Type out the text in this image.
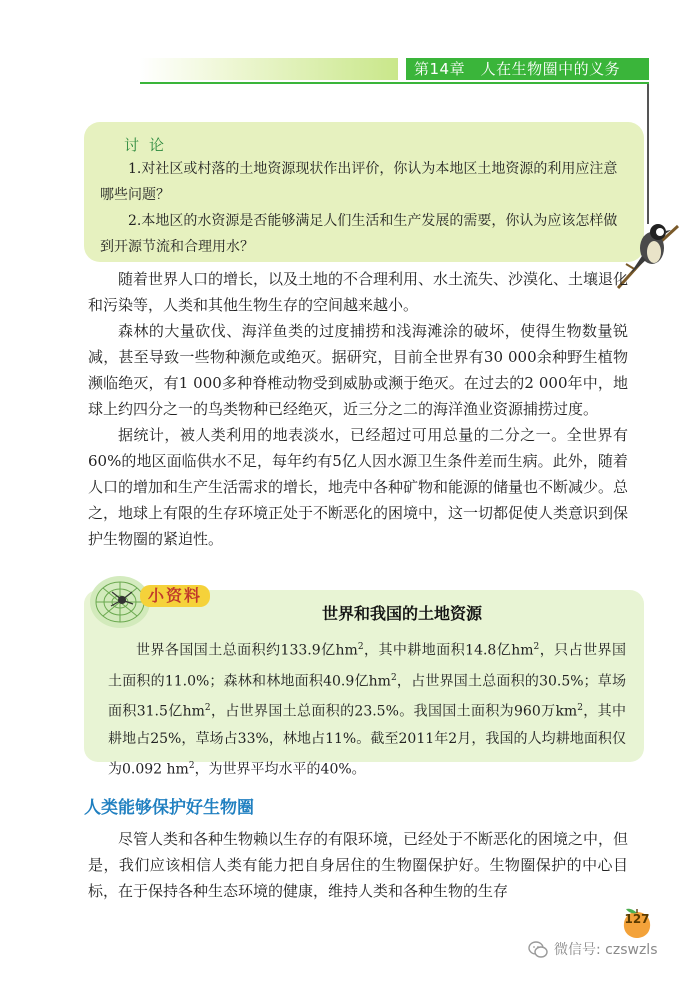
第14章　人在生物圈中的义务
讨论

1.对社区或村落的土地资源现状作出评价，你认为本地区土地资源的利用应注意哪些问题？

2.本地区的水资源是否能够满足人们生活和生产发展的需要，你认为应该怎样做到开源节流和合理用水？

随着世界人口的增长，以及土地的不合理利用、水土流失、沙漠化、土壤退化和污染等，人类和其他生物生存的空间越来越小。

森林的大量砍伐、海洋鱼类的过度捕捞和浅海滩涂的破坏，使得生物数量锐减，甚至导致一些物种濒危或绝灭。据研究，目前全世界有30 000余种野生植物濒临绝灭，有1 000多种脊椎动物受到威胁或濒于绝灭。在过去的2 000年中，地球上约四分之一的鸟类物种已经绝灭，近三分之二的海洋渔业资源捕捞过度。

据统计，被人类利用的地表淡水，已经超过可用总量的二分之一。全世界有60%的地区面临供水不足，每年约有5亿人因水源卫生条件差而生病。此外，随着人口的增加和生产生活需求的增长，地壳中各种矿物和能源的储量也不断减少。总之，地球上有限的生存环境正处于不断恶化的困境中，这一切都促使人类意识到保护生物圈的紧迫性。

世界和我国的土地资源

世界各国国土总面积约133.9亿$hm^2$，其中耕地面积14.8亿$hm^2$，只占世界国土面积的11.0%；森林和林地面积40.9亿$hm^2$，占世界国土总面积的30.5%；草场面积31.5亿$hm^2$，占世界国土总面积的23.5%。我国国土面积为960万$km^2$，其中耕地占25%，草场占33%，林地占11%。截至2011年2月，我国的人均耕地面积仅为0.092 $hm^2$，为世界平均水平的40%。

小资料
人类能够保护好生物圈

尽管人类和各种生物赖以生存的有限环境，已经处于不断恶化的困境之中，但是，我们应该相信人类有能力把自身居住的生物圈保护好。生物圈保护的中心目标，在于保持各种生态环境的健康，维持人类和各种生物的生存

127
微信号: czswzls
